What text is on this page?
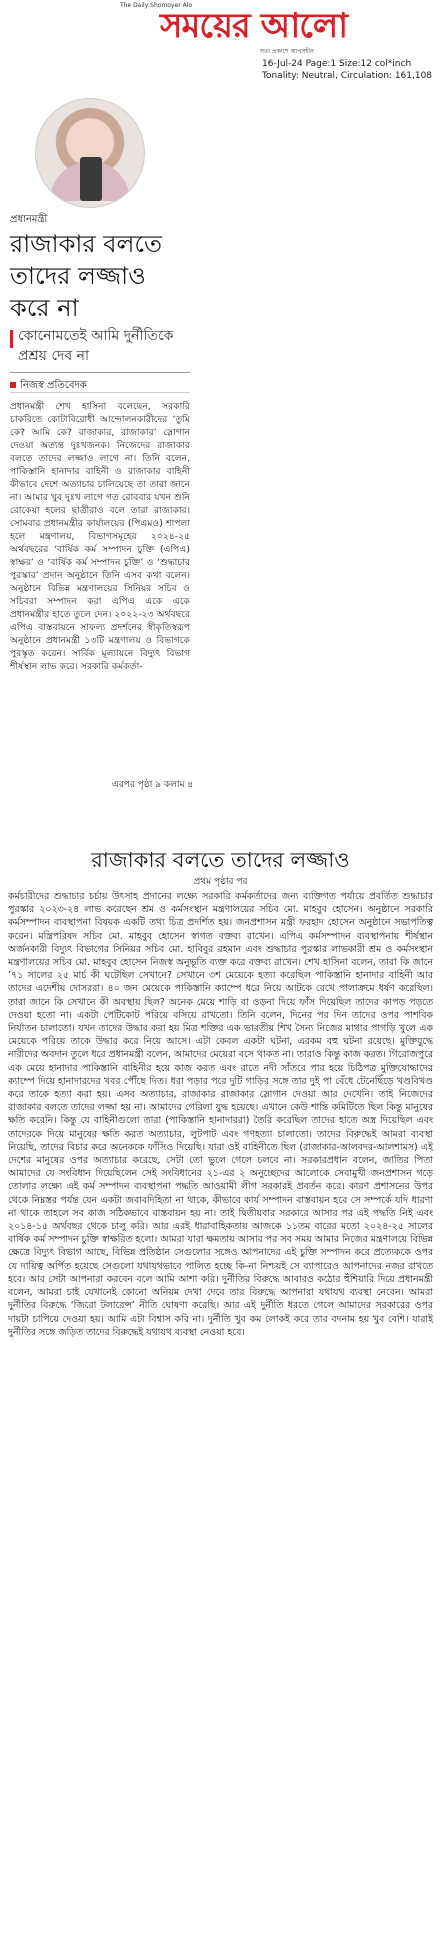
The Daily Shomoyer Alo
সময়ের আলো
সত্য প্রকাশে আপসহীন
16-Jul-24 Page:1 Size:12 col*inch
Tonality: Neutral, Circulation: 161,108
প্রধানমন্ত্রী
রাজাকার বলতে তাদের লজ্জাও করে না
কোনোমতেই আমি দুর্নীতিকে প্রশ্রয় দেব না
নিজস্ব প্রতিবেদক
প্রধানমন্ত্রী শেখ হাসিনা বলেছেন, সরকারি চাকরিতে কোটাবিরোধী আন্দোলনকারীদের ‘তুমি কে? আমি কে? রাজাকার, রাজাকার’ স্লোগান দেওয়া অত্যন্ত দুঃখজনক। নিজেদের রাজাকার বলতে তাদের লজ্জাও লাগে না। তিনি বলেন, পাকিস্তানি হানাদার বাহিনী ও রাজাকার বাহিনী কীভাবে দেশে অত্যাচার চালিয়েছে তা তারা জানে না। আমার খুব দুঃখ লাগে গত রোববার যখন শুনি রোকেয়া হলের ছাত্রীরাও বলে তারা রাজাকার। সোমবার প্রধানমন্ত্রীর কার্যালয়ের (পিএমও) শাপলা হলে মন্ত্রণালয়, বিভাগসমূহের ২০২৪-২৫ অর্থবছরের ‘বার্ষিক কর্ম সম্পাদন চুক্তি (এপিএ) স্বাক্ষর’ ও ‘বার্ষিক কর্ম সম্পাদন চুক্তি’ ও ‘শুদ্ধাচার পুরস্কার’ প্রদান অনুষ্ঠানে তিনি এসব কথা বলেন। অনুষ্ঠানে বিভিন্ন মন্ত্রণালয়ের সিনিয়র সচিব ও সচিবরা সম্পাদন করা এপিএ একে একে প্রধানমন্ত্রীর হাতে তুলে দেন। ২০২২-২৩ অর্থবছরে এপিএ বাস্তবায়নে সাফল্য প্রদর্শনের স্বীকৃতিস্বরূপ অনুষ্ঠানে প্রধানমন্ত্রী ১৩টি মন্ত্রণালয় ও বিভাগকে পুরস্কৃত করেন। সার্বিক মূল্যায়নে বিদ্যুৎ বিভাগ শীর্ষস্থান লাভ করে। সরকারি কর্মকর্তা-
এরপর পৃষ্ঠা ৯ কলাম ৪
রাজাকার বলতে তাদের লজ্জাও
প্রথম পৃষ্ঠার পর
কর্মচারীদের শুদ্ধাচার চর্চায় উৎসাহ প্রদানের লক্ষ্যে সরকারি কর্মকর্তাদের জন্য ব্যক্তিগত পর্যায়ে প্রবর্তিত শুদ্ধাচার পুরস্কার ২০২৩-২৪ লাভ করেছেন শ্রম ও কর্মসংস্থান মন্ত্রণালয়ের সচিব মো. মাহবুব হোসেন। অনুষ্ঠানে সরকারি কর্মসম্পাদন ব্যবস্থাপনা বিষয়ক একটি তথ্য চিত্র প্রদর্শিত হয়। জনপ্রশাসন মন্ত্রী ফরহাদ হোসেন অনুষ্ঠানে সভাপতিত্ব করেন। মন্ত্রিপরিষদ সচিব মো. মাহবুব হোসেন স্বাগত বক্তব্য রাখেন। এপিএ কর্মসম্পাদন ব্যবস্থাপনায় শীর্ষস্থান অর্জনকারী বিদ্যুৎ বিভাগের সিনিয়র সচিব মো. হাবিবুর রহমান এবং শুদ্ধাচার পুরস্কার লাভকারী শ্রম ও কর্মসংস্থান মন্ত্রণালয়ের সচিব মো. মাহবুব হোসেন নিজস্ব অনুভূতি ব্যক্ত করে বক্তব্য রাখেন। শেখ হাসিনা বলেন, তারা কি জানে ’৭১ সালের ২৫ মার্চ কী ঘটেছিল সেখানে? সেখানে ৩শ মেয়েকে হত্যা করেছিল পাকিস্তানি হানাদার বাহিনী আর তাদের এদেশীয় দোসররা। ৪০ জন মেয়েকে পাকিস্তানি ক্যাম্পে ধরে নিয়ে আটকে রেখে পালাক্রমে ধর্ষণ করেছিল। তারা জানে কি সেখানে কী অবস্থায় ছিল? অনেক মেয়ে শাড়ি বা ওড়না দিয়ে ফাঁস দিয়েছিল তাদের কাপড় পড়তে দেওয়া হতো না। একটা পেটিকোট পরিয়ে বসিয়ে রাখতো। তিনি বলেন, দিনের পর দিন তাদের ওপর পাশবিক নির্যাতন চালাতো। যখন তাদের উদ্ধার করা হয় মিত্র শক্তির এক ভারতীয় শিখ সৈন্য নিজের মাথার পাগড়ি খুলে এক মেয়েকে পরিয়ে তাকে উদ্ধার করে নিয়ে আসে। এটা কেবল একটা ঘটনা, এরকম বহু ঘটনা রয়েছে। মুক্তিযুদ্ধে নারীদের অবদান তুলে ধরে প্রধানমন্ত্রী বলেন, আমাদের মেয়েরা বসে থাকত না। তারাও কিন্তু কাজ করত। গিরোজপুরে এক মেয়ে হানাদার পাকিস্তানি বাহিনীর হয়ে কাজ করত এবং রাতে নদী সাঁতরে পার হয়ে চিঠিপত্র মুক্তিযোদ্ধাদের ক্যাম্পে দিয়ে হানাদারদের খবর পৌঁছে দিত। ধরা পড়ার পরে দুটি গাড়ির সঙ্গে তার দুই পা বেঁধে টেনেছিঁড়ে খণ্ডবিখণ্ড করে তাকে হত্যা করা হয়। এসব অত্যাচার, রাজাকার রাজাকার স্লোগান দেওয়া আর দেখেনি। তাই নিজেদের রাজাকার বলতে তাদের লজ্জা হয় না। আমাদের গেরিলা যুদ্ধ হয়েছে। এখানে কেউ শান্তি কমিটিতে ছিল কিন্তু মানুষের ক্ষতি করেনি। কিন্তু যে বাহিনীগুলো তারা (পাকিস্তানি হানাদাররা) তৈরি করেছিল তাদের হাতে অস্ত্র দিয়েছিল এবং তাদেরকে দিয়ে মানুষের ক্ষতি করত অত্যাচার, লুটপাট এবং গণহত্যা চালাতো। তাদের বিরুদ্ধেই আমরা ব্যবস্থা নিয়েছি, তাদের বিচার করে অনেককে ফাঁসিও দিয়েছি। যারা ওই বাহিনীতে ছিল (রাজাকার-আলবদর-আলশামস) এই দেশের মানুষের ওপর অত্যাচার করেছে, সেটা তো ভুলে গেলে চলবে না। সরকারপ্রধান বলেন, জাতির পিতা আমাদের যে সংবিধান দিয়েছিলেন সেই সংবিধানের ২১-এর ২ অনুচ্ছেদের আলোকে সেবামুখী জনপ্রশাসন গড়ে তোলার লক্ষ্যে এই কর্ম সম্পাদন ব্যবস্থাপনা পদ্ধতি আওয়ামী লীগ সরকারই প্রবর্তন করে। কারণ প্রশাসনের উপর থেকে নিম্নস্তর পর্যন্ত যেন একটা জবাবদিহিতা না থাকে, কীভাবে কার্য সম্পাদন বাস্তবায়ন হবে সে সম্পর্কে যদি ধারণা না থাকে তাহলে সব কাজ সঠিকভাবে বাস্তবায়ন হয় না। তাই দ্বিতীয়বার সরকারে আসার পর এই পদ্ধতি নিই এবং ২০১৪-১৫ অর্থবছর থেকে চালু করি। আর এরই ধারাবাহিকতায় আজকে ১১তম বারের মতো ২০২৪-২৫ সালের বার্ষিক কর্ম সম্পাদন চুক্তি স্বাক্ষরিত হলো। আমরা যারা ক্ষমতায় আসার পর সব সময় আমার নিজের মন্ত্রণালয়ে বিভিন্ন ক্ষেত্রে বিদ্যুৎ বিভাগ আছে, বিভিন্ন প্রতিষ্ঠান সেগুলোর সঙ্গেও আপনাদের এই চুক্তি সম্পাদন করে প্রত্যেককে ওপর যে দায়িত্ব অর্পিত হয়েছে সেগুলো যথাযথভাবে পালিত হচ্ছে কি-না নিশ্চয়ই সে ব্যাপারেও আপনাদের নজর রাখতে হবে। আর সেটা আপনারা করবেন বলে আমি আশা করি। দুর্নীতির বিরুদ্ধে আবারও কঠোর হুঁশিয়ারি দিয়ে প্রধানমন্ত্রী বলেন, আমরা চাই যেখানেই কোনো অনিয়ম দেখা দেবে তার বিরুদ্ধে আপনারা যথাযথ ব্যবস্থা নেবেন। আমরা দুর্নীতির বিরুদ্ধে ‘জিরো টলারেন্স’ নীতি ঘোষণা করেছি। আর এই দুর্নীতি ধরতে গেলে আমাদের সরকারের ওপর দায়টা চাপিয়ে দেওয়া হয়। আমি এটা বিশ্বাস করি না। দুর্নীতি খুব কম লোকই করে তার বদনাম হয় খুব বেশি। যারাই দুর্নীতির সঙ্গে জড়িত তাদের বিরুদ্ধেই যথাযথ ব্যবস্থা নেওয়া হবে।
